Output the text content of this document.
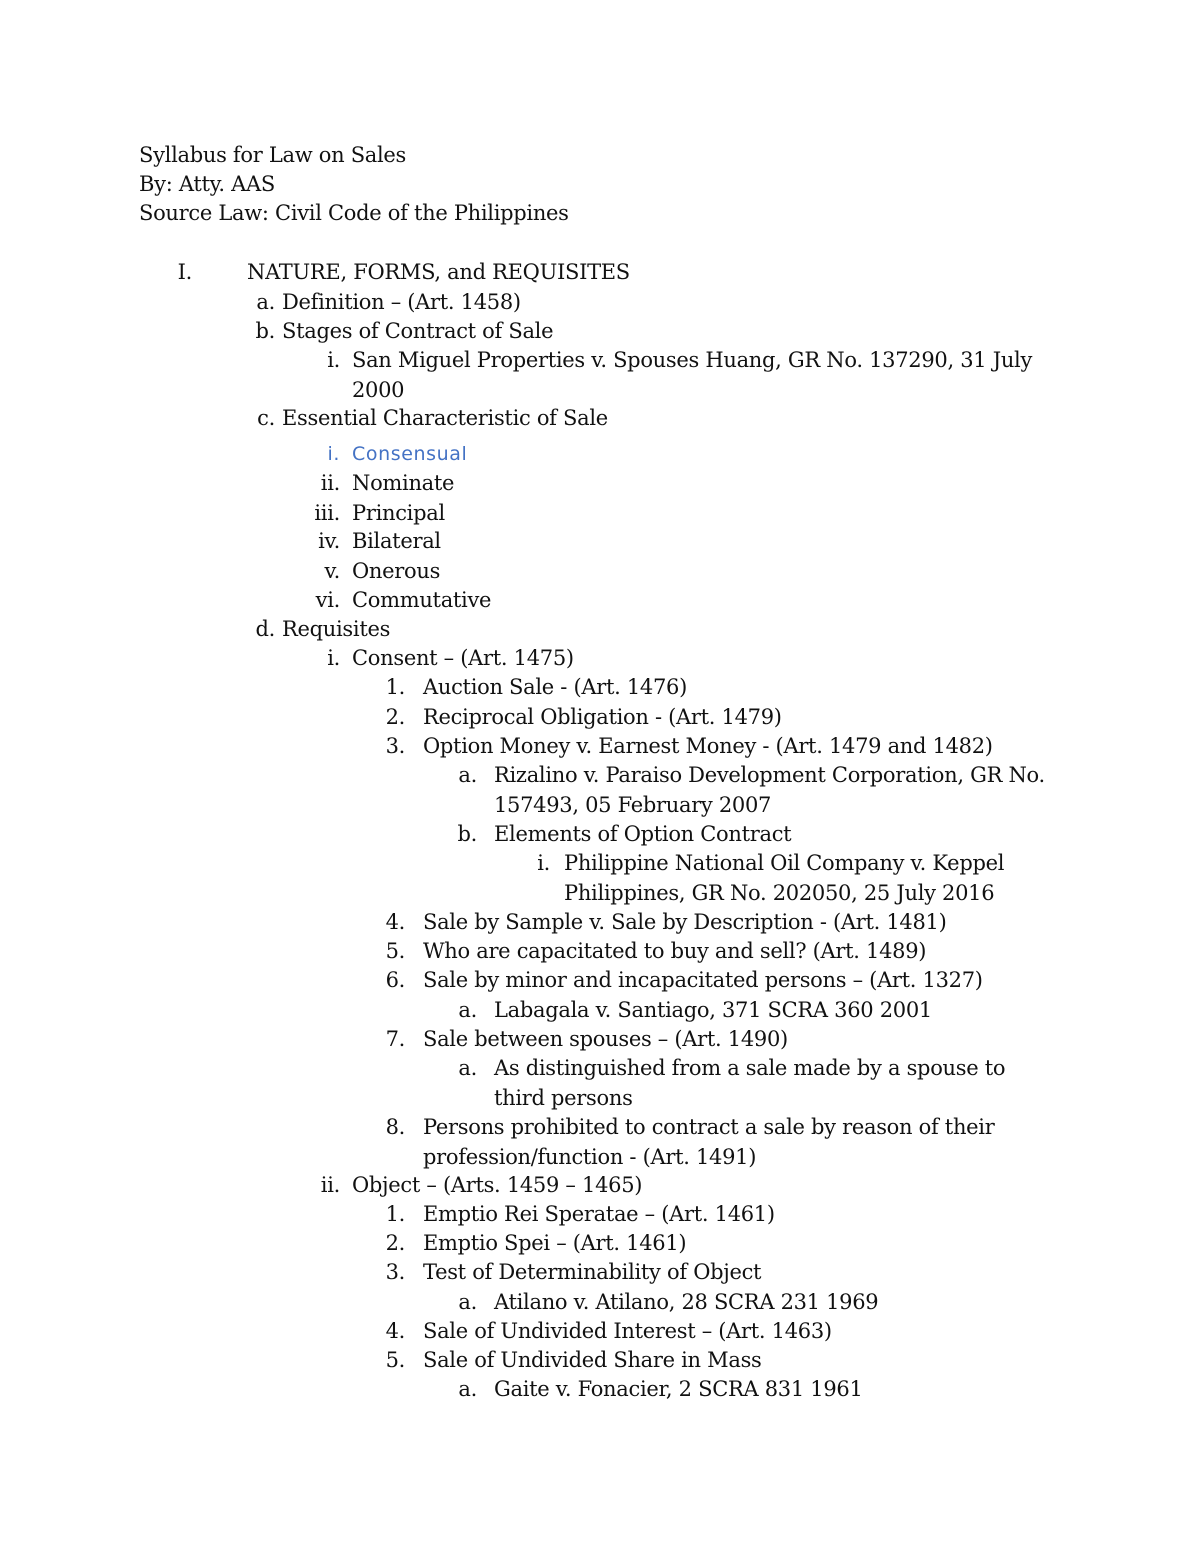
Syllabus for Law on Sales
By: Atty. AAS
Source Law: Civil Code of the Philippines
I.	NATURE, FORMS, and REQUISITES
a. Definition – (Art. 1458)
b. Stages of Contract of Sale
i. San Miguel Properties v. Spouses Huang, GR No. 137290, 31 July 2000
c. Essential Characteristic of Sale
i. Consensual
ii. Nominate
iii. Principal
iv. Bilateral
v. Onerous
vi. Commutative
d. Requisites
i. Consent – (Art. 1475)
1. Auction Sale - (Art. 1476)
2. Reciprocal Obligation - (Art. 1479)
3. Option Money v. Earnest Money - (Art. 1479 and 1482)
a. Rizalino v. Paraiso Development Corporation, GR No. 157493, 05 February 2007
b. Elements of Option Contract
i. Philippine National Oil Company v. Keppel Philippines, GR No. 202050, 25 July 2016
4. Sale by Sample v. Sale by Description - (Art. 1481)
5. Who are capacitated to buy and sell? (Art. 1489)
6. Sale by minor and incapacitated persons – (Art. 1327)
a. Labagala v. Santiago, 371 SCRA 360 2001
7. Sale between spouses – (Art. 1490)
a. As distinguished from a sale made by a spouse to third persons
8. Persons prohibited to contract a sale by reason of their profession/function - (Art. 1491)
ii. Object – (Arts. 1459 – 1465)
1. Emptio Rei Speratae – (Art. 1461)
2. Emptio Spei – (Art. 1461)
3. Test of Determinability of Object
a. Atilano v. Atilano, 28 SCRA 231 1969
4. Sale of Undivided Interest – (Art. 1463)
5. Sale of Undivided Share in Mass
a. Gaite v. Fonacier, 2 SCRA 831 1961
